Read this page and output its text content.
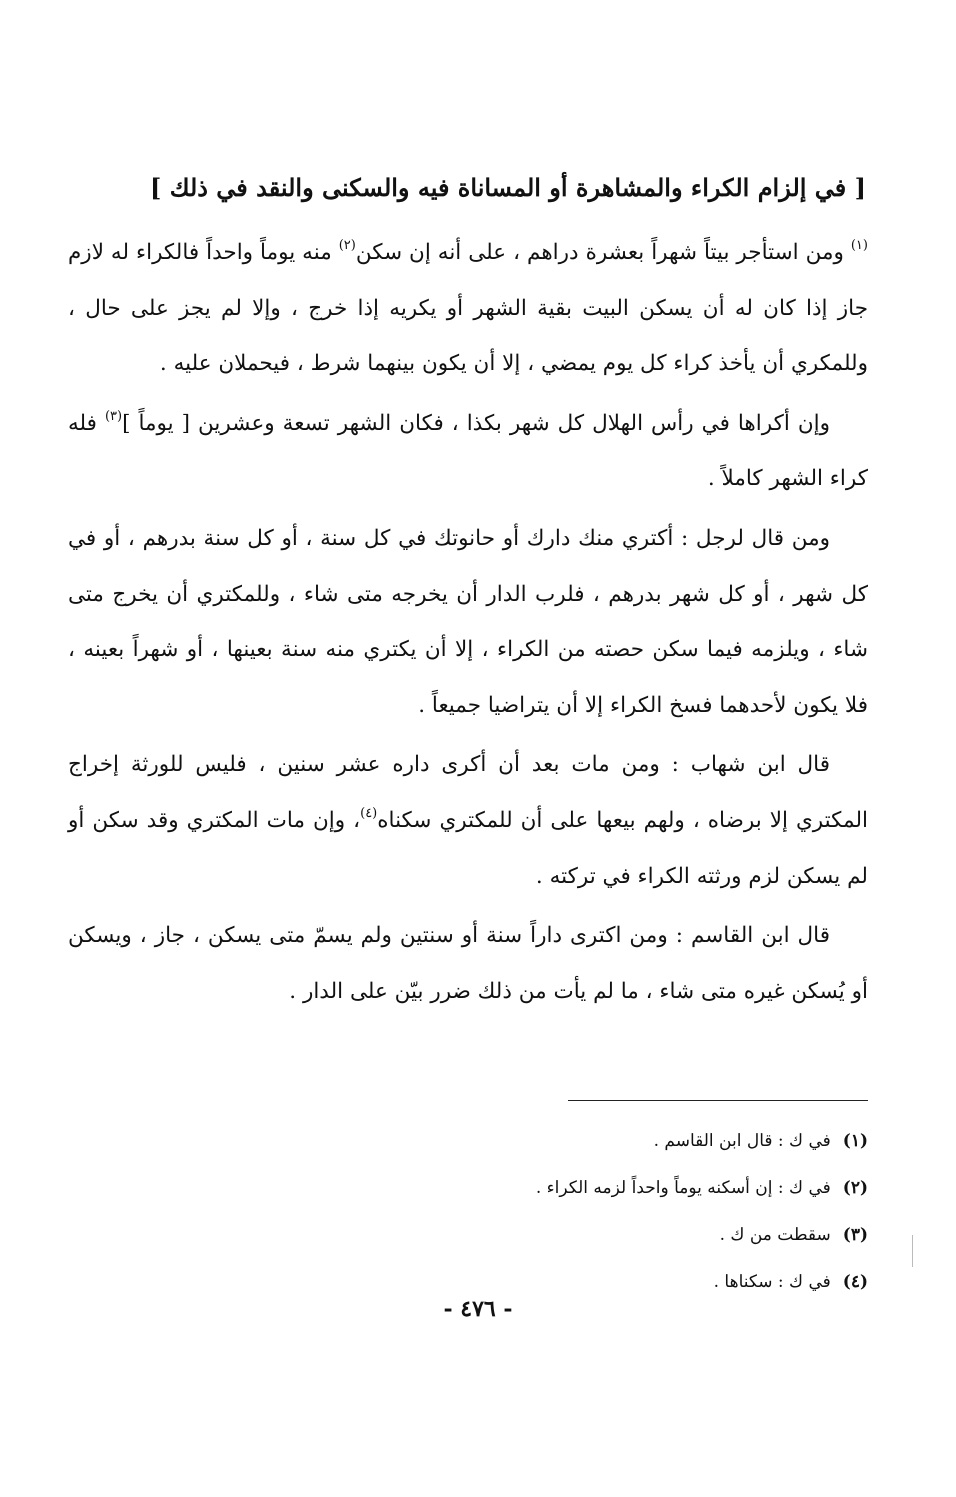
[ في إلزام الكراء والمشاهرة أو المساناة فيه والسكنى والنقد في ذلك ]

$^{(١)}$ ومن استأجر بيتاً شهراً بعشرة دراهم ، على أنه إن سكن$^{(٢)}$ منه يوماً واحداً فالكراء له لازم جاز إذا كان له أن يسكن البيت بقية الشهر أو يكريه إذا خرج ، وإلا لم يجز على حال ، وللمكري أن يأخذ كراء كل يوم يمضي ، إلا أن يكون بينهما شرط ، فيحملان عليه .

وإن أكراها في رأس الهلال كل شهر بكذا ، فكان الشهر تسعة وعشرين [ يوماً ]$^{(٣)}$ فله كراء الشهر كاملاً .

ومن قال لرجل : أكتري منك دارك أو حانوتك في كل سنة ، أو كل سنة بدرهم ، أو في كل شهر ، أو كل شهر بدرهم ، فلرب الدار أن يخرجه متى شاء ، وللمكتري أن يخرج متى شاء ، ويلزمه فيما سكن حصته من الكراء ، إلا أن يكتري منه سنة بعينها ، أو شهراً بعينه ، فلا يكون لأحدهما فسخ الكراء إلا أن يتراضيا جميعاً .

قال ابن شهاب : ومن مات بعد أن أكرى داره عشر سنين ، فليس للورثة إخراج المكتري إلا برضاه ، ولهم بيعها على أن للمكتري سكناه$^{(٤)}$، وإن مات المكتري وقد سكن أو لم يسكن لزم ورثته الكراء في تركته .

قال ابن القاسم : ومن اكترى داراً سنة أو سنتين ولم يسمّ متى يسكن ، جاز ، ويسكن أو يُسكن غيره متى شاء ، ما لم يأت من ذلك ضرر بيّن على الدار .

(١)في ك : قال ابن القاسم .
(٢)في ك : إن أسكنه يوماً واحداً لزمه الكراء .
(٣)سقطت من ك .
(٤)في ك : سكناها .
- ٤٧٦ -
